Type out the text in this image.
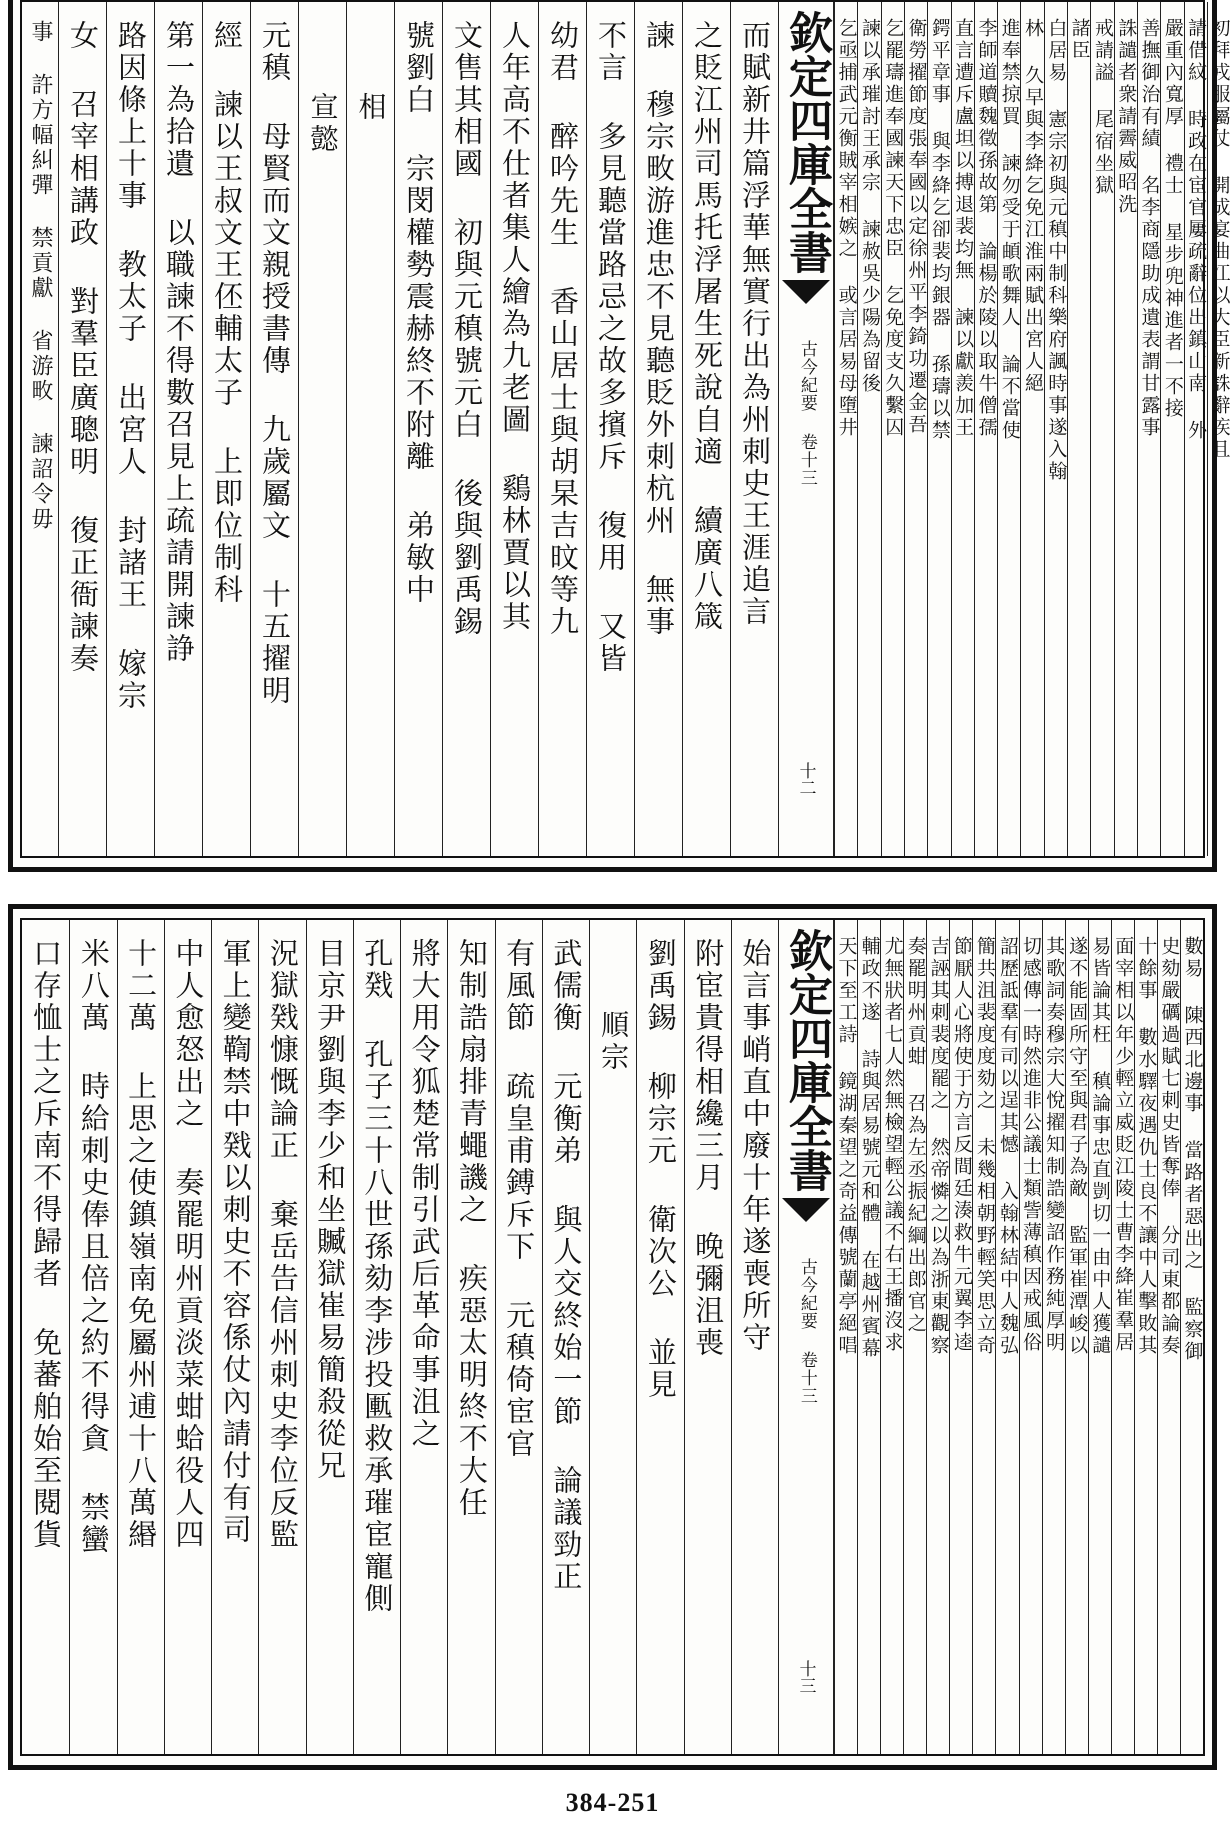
事 許方幅糾彈 禁貢獻 省游畋 諫詔令毋 女 召宰相講政 對羣臣廣聰明 復正衙諫奏 路因條上十事 教太子 出宮人 封諸王 嫁宗 第一為拾遺 以職諫不得數召見上疏請開諫諍 經 諫以王叔文王伾輔太子 上即位制科 元稹 母賢而文親授書傳 九歲屬文 十五擢明 宣懿 相 號劉白 宗閔權勢震赫終不附離 弟敏中 文售其相國 初與元稹號元白 後與劉禹錫 人年高不仕者集人繪為九老圖 鷄林賈以其 幼君 醉吟先生 香山居士與胡杲吉旼等九 不言 多見聽當路忌之故多擯斥 復用 又皆 諫 穆宗畋游進忠不見聽貶外刺杭州 無事 之貶江州司馬托浮屠生死說自適 續廣八箴 而賦新井篇浮華無實行出為州刺史王涯追言 欽定四庫全書
古今紀要 卷十三
十二
初拜戎服屬仗 開成宴曲江以大臣新誅辭疾且
請借紋 時政在宦官屢疏辭位出鎮山南 外
嚴重內寬厚 禮士 星步兜神進者一不接
善撫御治有績 名李商隱助成遺表謂甘露事
誅譴者衆請霽威昭洗
戒請謚 尾宿坐獄
諸臣
白居易 憲宗初與元稹中制科樂府諷時事遂入翰
林 久早與李絳乞免江淮兩賦出宮人絕
進奉禁掠買 諫勿受于頔歌舞人 論不當使
李師道贖魏徵孫故第 論楊於陵以取牛僧孺
直言遭斥盧坦以搏退裴均無 諫以獻羨加王
鍔平章事 與李絳乞卻裴均銀器 孫璹以禁
衛勞擢節度張奉國以定徐州平李錡功遷金吾
乞罷璹進奉國諫天下忠臣 乞免度支久繫囚
諫以承璀討王承宗 諫赦吳少陽為留後
乞亟捕武元衡賊宰相嫉之 或言居易母墮井
口存恤士之斥南不得歸者 免蕃舶始至閱貨 米八萬 時給刺史俸且倍之約不得貪 禁蠻 十二萬 上思之使鎮嶺南免屬州逋十八萬緡 中人愈怒出之 奏罷明州貢淡菜蚶蛤役人四 軍上變鞫禁中戣以刺史不容係仗內請付有司 況獄戣慷慨論正 棄岳告信州刺史李位反監 目京尹劉與李少和坐贓獄崔易簡殺從兄 孔戣 孔子三十八世孫劾李涉投匭救承璀宦寵側 將大用令狐楚常制引武后革命事沮之 知制誥扇排青蠅譏之 疾惡太明終不大任 有風節 疏皇甫鎛斥下 元稹倚宦官 武儒衡 元衡弟 與人交終始一節 論議勁正 順宗 劉禹錫 柳宗元 衛次公 並見 附宦貴得相纔三月 晚彌沮喪 始言事峭直中廢十年遂喪所守 欽定四庫全書
古今紀要 卷十三
十三
數易 陳西北邊事 當路者惡出之 監察御
史劾嚴礪過賦七刺史皆奪俸 分司東都論奏
十餘事 數水驛夜遇仇士良不讓中人擊敗其
面宰相以年少輕立威貶江陵士曹李絳崔羣居
易皆論其枉 稹論事忠直剴切一由中人獲譴
遂不能固所守至與君子為敵 監軍崔潭峻以
其歌詞奏穆宗大悅擢知制誥變詔作務純厚明
切感傳一時然進非公議士類訾薄稹因戒風俗
詔歷詆羣有司以逞其憾 入翰林結中人魏弘
簡共沮裴度度劾之 未幾相朝野輕笑思立奇
節厭人心將使于方言反間廷湊救牛元翼李逵
吉誣其刺裴度罷之 然帝憐之以為浙東觀察
奏罷明州貢蚶 召為左丞振紀綱出郎官之
尤無狀者七人然無檢望輕公議不右王播沒求
輔政不遂 詩與居易號元和體 在越州賓幕
天下至工詩 鏡湖秦望之奇益傳號蘭亭絕唱
384-251
